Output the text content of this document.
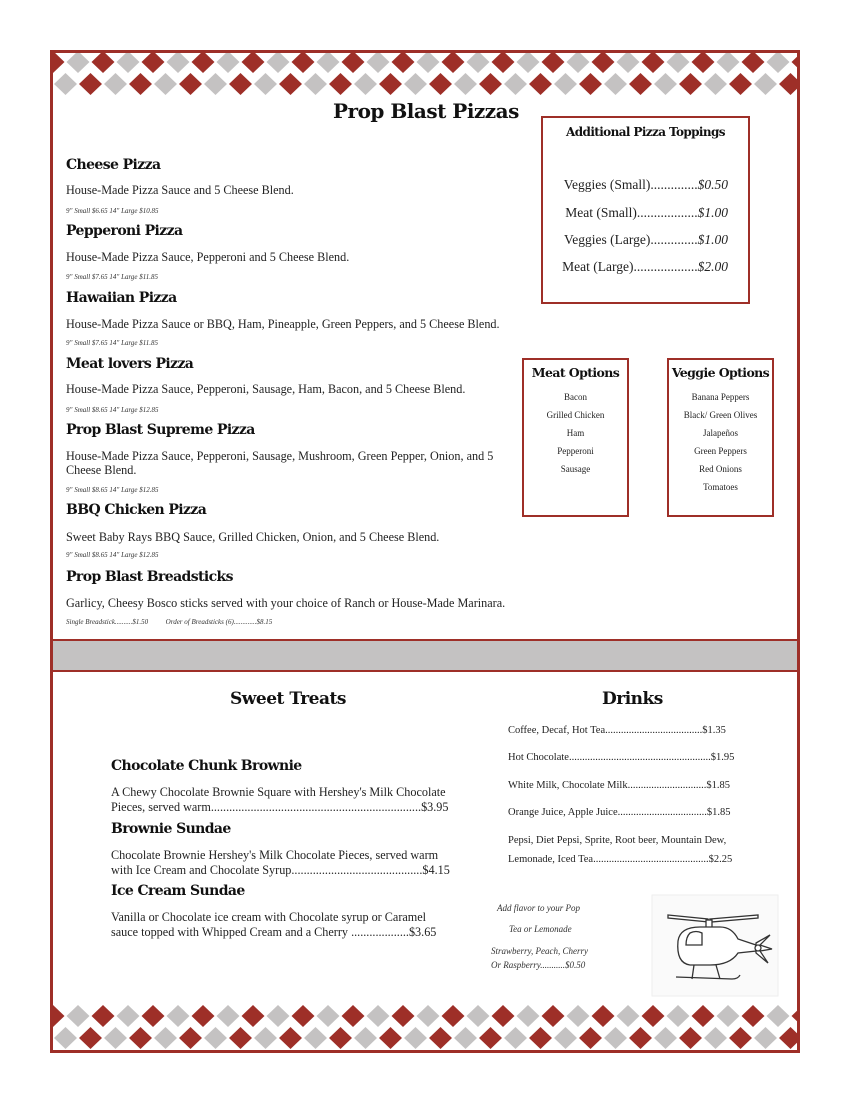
Prop Blast Pizzas
Cheese Pizza
House-Made Pizza Sauce and 5 Cheese Blend.
9" Small $6.65 14" Large $10.85
Pepperoni Pizza
House-Made Pizza Sauce, Pepperoni and 5 Cheese Blend.
9" Small $7.65 14" Large $11.85
Hawaiian Pizza
House-Made Pizza Sauce or BBQ, Ham, Pineapple, Green Peppers, and 5 Cheese Blend.
9" Small $7.65 14" Large $11.85
Meat lovers Pizza
House-Made Pizza Sauce, Pepperoni, Sausage, Ham, Bacon, and 5 Cheese Blend.
9" Small $8.65 14" Large $12.85
Prop Blast Supreme Pizza
House-Made Pizza Sauce, Pepperoni, Sausage, Mushroom, Green Pepper, Onion, and 5 Cheese Blend.
9" Small $8.65 14" Large $12.85
BBQ Chicken Pizza
Sweet Baby Rays BBQ Sauce, Grilled Chicken, Onion, and 5 Cheese Blend.
9" Small $8.65 14" Large $12.85
Prop Blast Breadsticks
Garlicy, Cheesy Bosco sticks served with your choice of Ranch or House-Made Marinara.
Single Breadstick..........$1.50          Order of Breadsticks (6).............$8.15
Additional Pizza Toppings
Veggies (Small)..............$0.50
Meat (Small)..................$1.00
Veggies (Large)..............$1.00
Meat (Large)...................$2.00
Meat Options
Bacon
Grilled Chicken
Ham
Pepperoni
Sausage
Veggie Options
Banana Peppers
Black/ Green Olives
Jalapeños
Green Peppers
Red Onions
Tomatoes
Sweet Treats
Chocolate Chunk Brownie
A Chewy Chocolate Brownie Square with Hershey's Milk Chocolate
Pieces, served warm.....................................................................$3.95
Brownie Sundae
Chocolate Brownie Hershey's Milk Chocolate Pieces, served warm
with Ice Cream and Chocolate Syrup...........................................$4.15
Ice Cream Sundae
Vanilla or Chocolate ice cream with Chocolate syrup or Caramel
sauce topped with Whipped Cream and a Cherry ...................$3.65
Drinks
Coffee, Decaf, Hot Tea.....................................$1.35
Hot Chocolate......................................................$1.95
White Milk, Chocolate Milk..............................$1.85
Orange Juice, Apple Juice..................................$1.85
Pepsi, Diet Pepsi, Sprite, Root beer, Mountain Dew,
Lemonade, Iced Tea............................................$2.25
Add flavor to your Pop
Tea or Lemonade
Strawberry, Peach, Cherry
Or Raspberry...........$0.50
